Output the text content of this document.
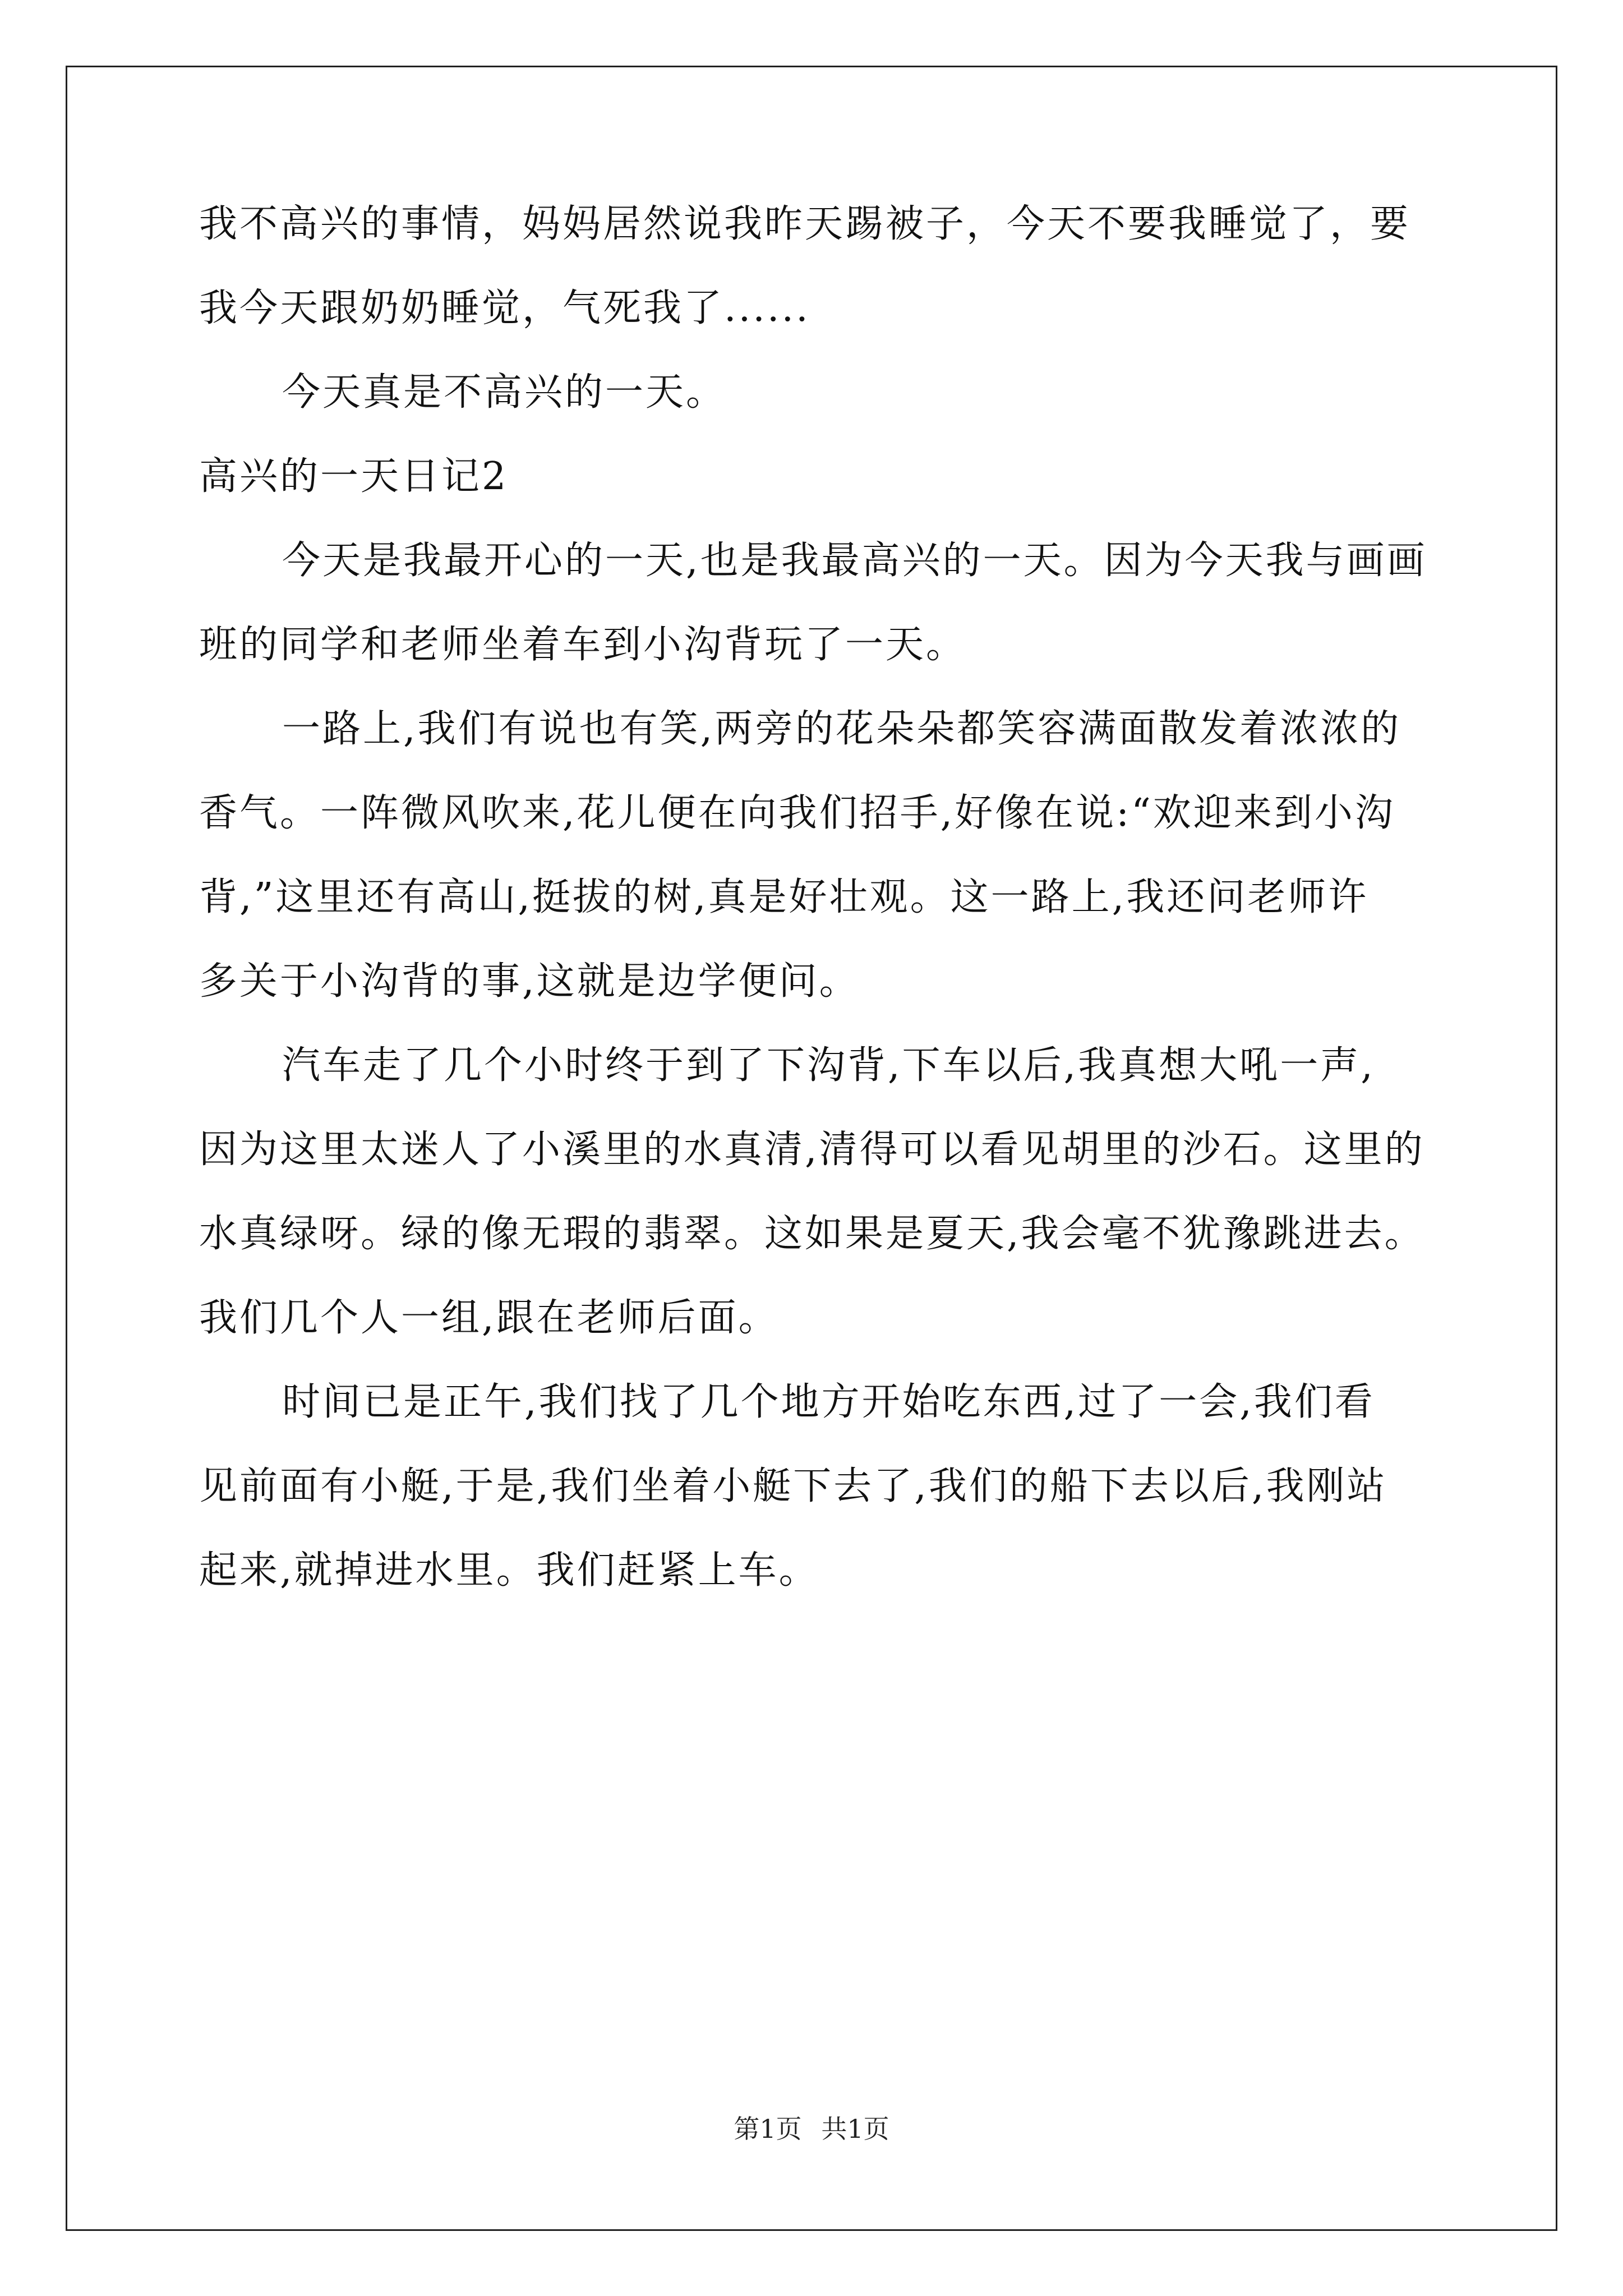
我不高兴的事情，妈妈居然说我昨天踢被子，今天不要我睡觉了，要
我今天跟奶奶睡觉，气死我了......
今天真是不高兴的一天。
高兴的一天日记2
今天是我最开心的一天,也是我最高兴的一天。因为今天我与画画
班的同学和老师坐着车到小沟背玩了一天。
一路上,我们有说也有笑,两旁的花朵朵都笑容满面散发着浓浓的
香气。一阵微风吹来,花儿便在向我们招手,好像在说:“欢迎来到小沟
背,”这里还有高山,挺拔的树,真是好壮观。这一路上,我还问老师许
多关于小沟背的事,这就是边学便问。
汽车走了几个小时终于到了下沟背,下车以后,我真想大吼一声,
因为这里太迷人了小溪里的水真清,清得可以看见胡里的沙石。这里的
水真绿呀。绿的像无瑕的翡翠。这如果是夏天,我会毫不犹豫跳进去。
我们几个人一组,跟在老师后面。
时间已是正午,我们找了几个地方开始吃东西,过了一会,我们看
见前面有小艇,于是,我们坐着小艇下去了,我们的船下去以后,我刚站
起来,就掉进水里。我们赶紧上车。
第1页 共1页
